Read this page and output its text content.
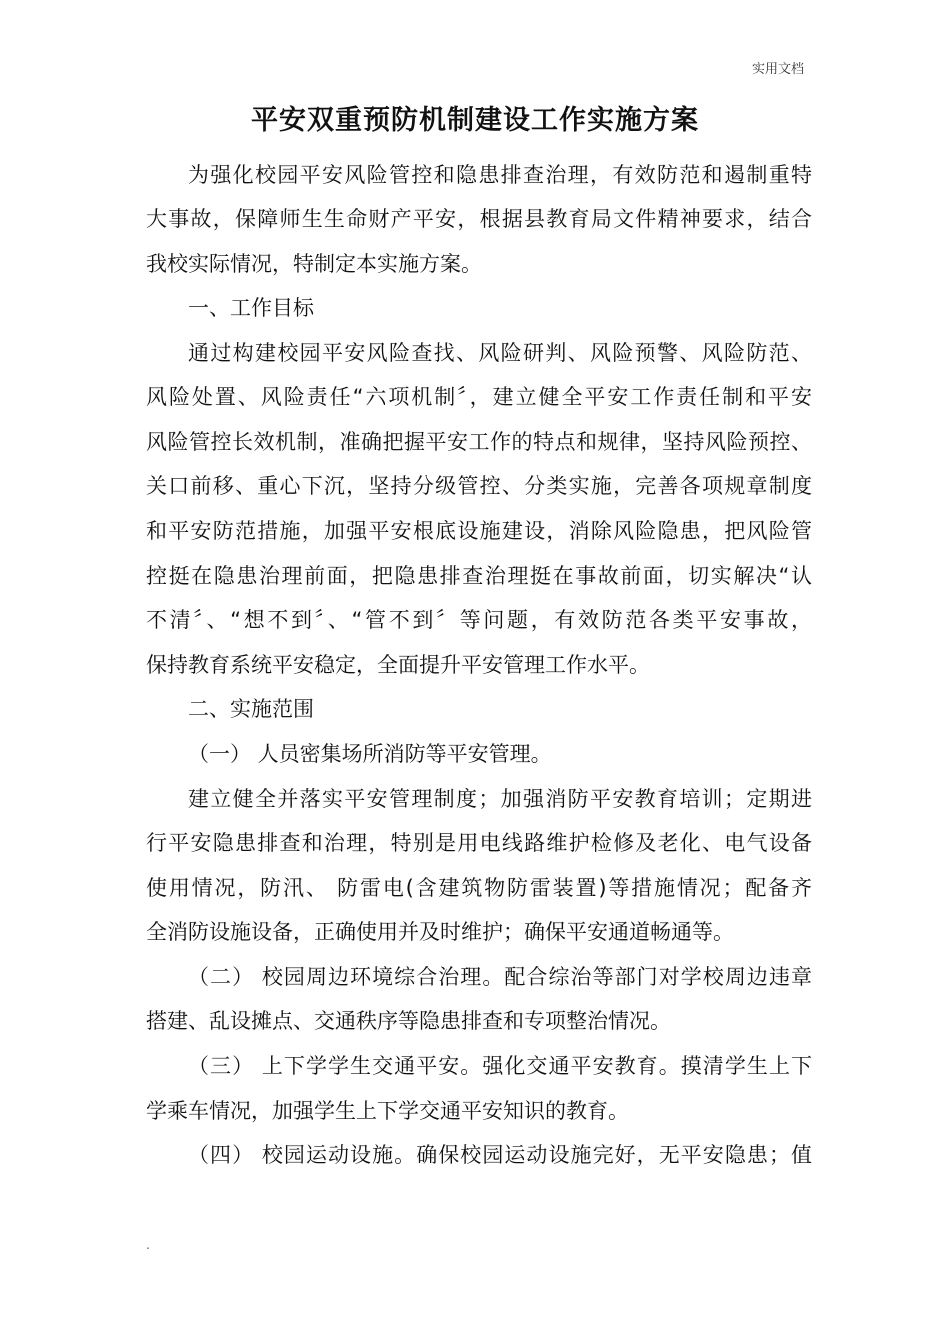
实用文档
平安双重预防机制建设工作实施方案
为强化校园平安风险管控和隐患排查治理，有效防范和遏制重特
大事故，保障师生生命财产平安，根据县教育局文件精神要求，结合
我校实际情况，特制定本实施方案。
一、工作目标
通过构建校园平安风险查找、风险研判、风险预警、风险防范、
风险处置、风险责任“六项机制〞，建立健全平安工作责任制和平安
风险管控长效机制，准确把握平安工作的特点和规律，坚持风险预控、
关口前移、重心下沉，坚持分级管控、分类实施，完善各项规章制度
和平安防范措施，加强平安根底设施建设，消除风险隐患，把风险管
控挺在隐患治理前面，把隐患排查治理挺在事故前面，切实解决“认
不清〞、“想不到〞、“管不到〞等问题，有效防范各类平安事故，
保持教育系统平安稳定，全面提升平安管理工作水平。
二、实施范围
（一） 人员密集场所消防等平安管理。
建立健全并落实平安管理制度；加强消防平安教育培训；定期进
行平安隐患排查和治理，特别是用电线路维护检修及老化、电气设备
使用情况，防汛、 防雷电(含建筑物防雷装置)等措施情况；配备齐
全消防设施设备，正确使用并及时维护；确保平安通道畅通等。
（二） 校园周边环境综合治理。配合综治等部门对学校周边违章
搭建、乱设摊点、交通秩序等隐患排查和专项整治情况。
（三） 上下学学生交通平安。强化交通平安教育。摸清学生上下
学乘车情况，加强学生上下学交通平安知识的教育。
（四） 校园运动设施。确保校园运动设施完好，无平安隐患；值
.
